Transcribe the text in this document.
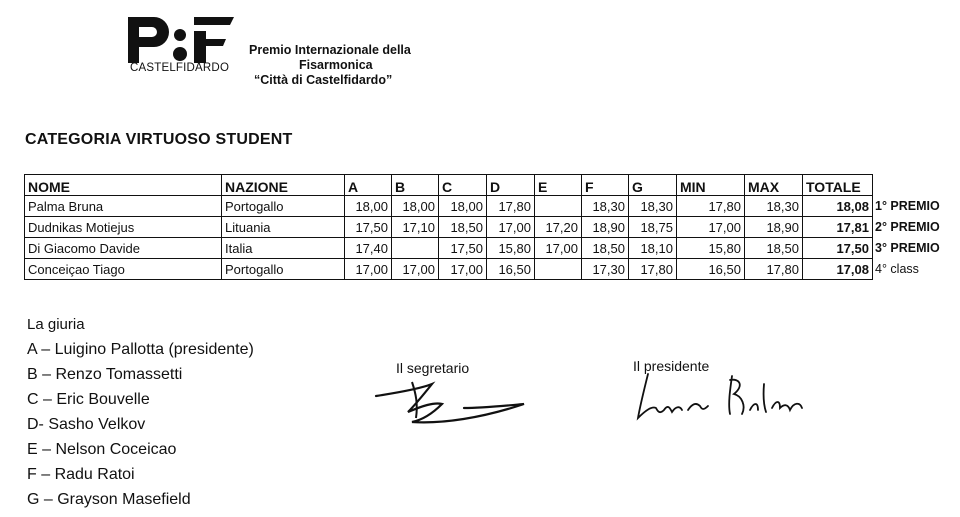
CASTELFIDARDO
Premio Internazionale della
Fisarmonica
“Città di Castelfidardo”
CATEGORIA VIRTUOSO STUDENT
NOME	NAZIONE	A	B	C	D	E	F	G	MIN	MAX	TOTALE	
Palma Bruna	Portogallo	18,00	18,00	18,00	17,80		18,30	18,30	17,80	18,30	18,08	1° PREMIO
Dudnikas Motiejus	Lituania	17,50	17,10	18,50	17,00	17,20	18,90	18,75	17,00	18,90	17,81	2° PREMIO
Di Giacomo Davide	Italia	17,40		17,50	15,80	17,00	18,50	18,10	15,80	18,50	17,50	3° PREMIO
Conceiçao Tiago	Portogallo	17,00	17,00	17,00	16,50		17,30	17,80	16,50	17,80	17,08	4° class
La giuria
A – Luigino Pallotta (presidente)
B – Renzo Tomassetti
C – Eric Bouvelle
D- Sasho Velkov
E – Nelson Coceicao
F – Radu Ratoi
G – Grayson Masefield
Il segretario	Il presidente
